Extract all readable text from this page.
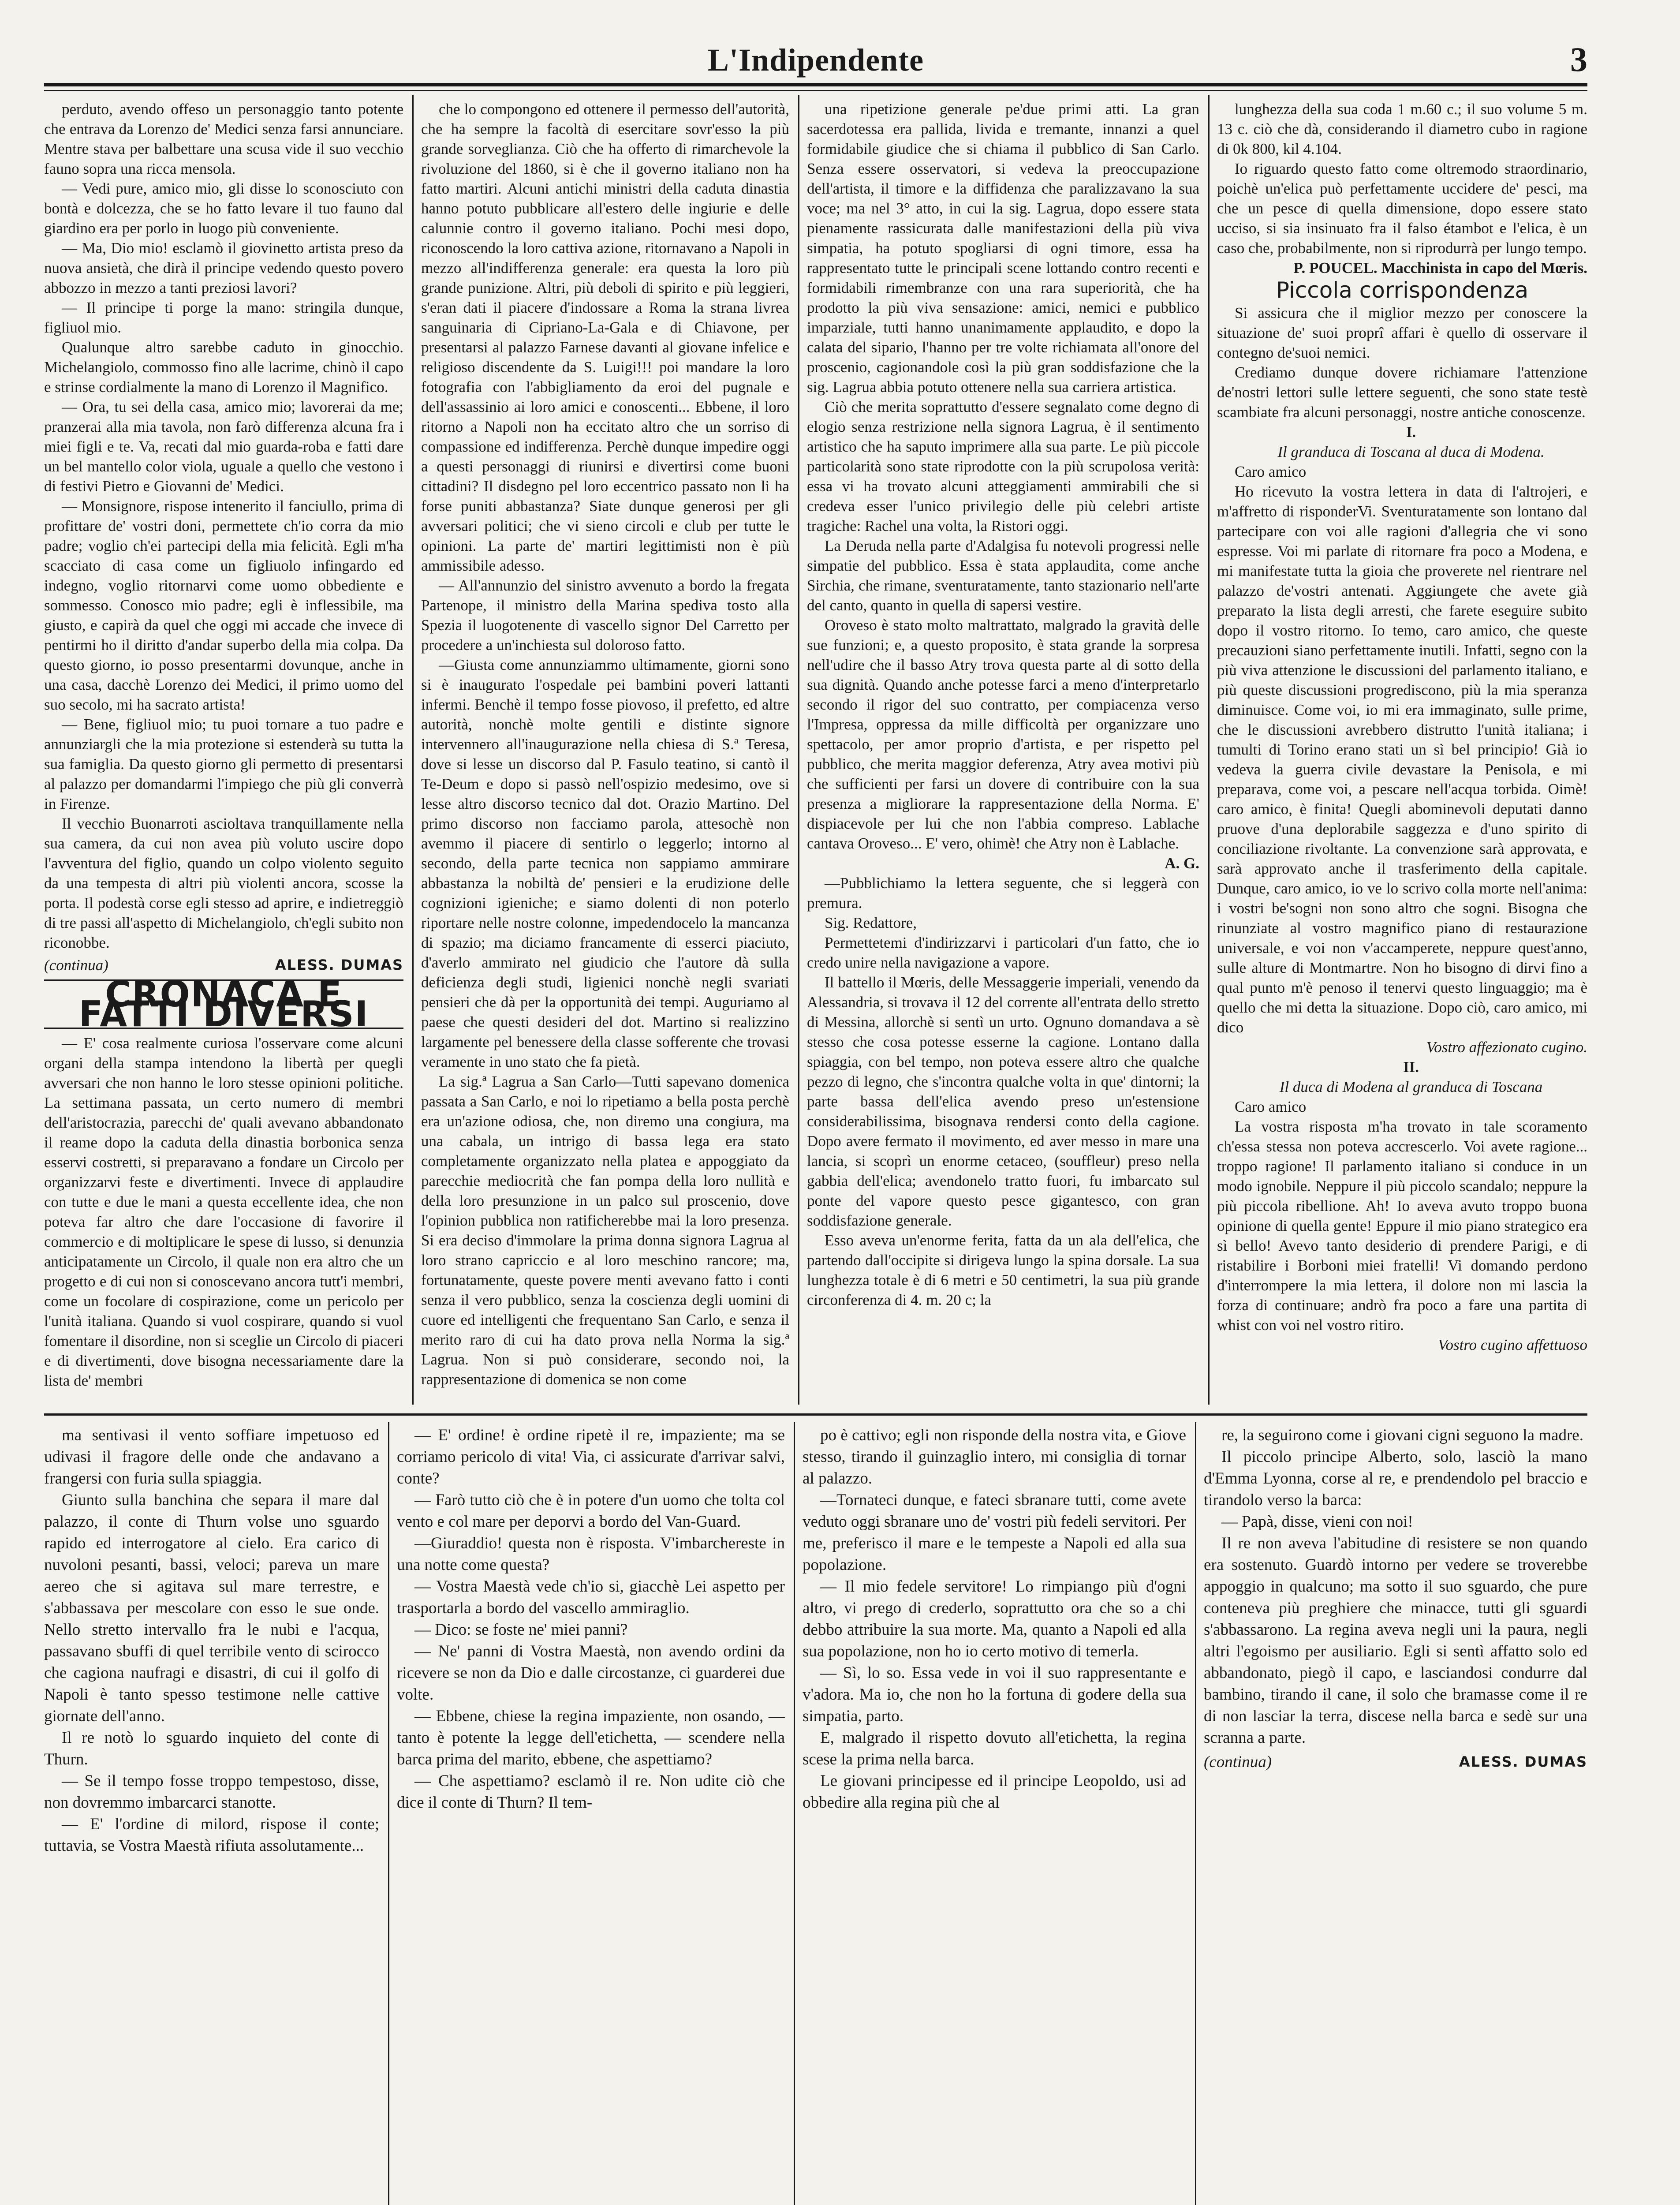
L'Indipendente	3

perduto, avendo offeso un personaggio tanto potente che entrava da Lorenzo de' Medici senza farsi annunciare. Mentre stava per balbettare una scusa vide il suo vecchio fauno sopra una ricca mensola.

— Vedi pure, amico mio, gli disse lo sconosciuto con bontà e dolcezza, che se ho fatto levare il tuo fauno dal giardino era per porlo in luogo più conveniente.

— Ma, Dio mio! esclamò il giovinetto artista preso da nuova ansietà, che dirà il principe vedendo questo povero abbozzo in mezzo a tanti preziosi lavori?

— Il principe ti porge la mano: stringila dunque, figliuol mio.

Qualunque altro sarebbe caduto in ginocchio. Michelangiolo, commosso fino alle lacrime, chinò il capo e strinse cordialmente la mano di Lorenzo il Magnifico.

— Ora, tu sei della casa, amico mio; lavorerai da me; pranzerai alla mia tavola, non farò differenza alcuna fra i miei figli e te. Va, recati dal mio guarda-roba e fatti dare un bel mantello color viola, uguale a quello che vestono i di festivi Pietro e Giovanni de' Medici.

— Monsignore, rispose intenerito il fanciullo, prima di profittare de' vostri doni, permettete ch'io corra da mio padre; voglio ch'ei partecipi della mia felicità. Egli m'ha scacciato di casa come un figliuolo infingardo ed indegno, voglio ritornarvi come uomo obbediente e sommesso. Conosco mio padre; egli è inflessibile, ma giusto, e capirà da quel che oggi mi accade che invece di pentirmi ho il diritto d'andar superbo della mia colpa. Da questo giorno, io posso presentarmi dovunque, anche in una casa, dacchè Lorenzo dei Medici, il primo uomo del suo secolo, mi ha sacrato artista!

— Bene, figliuol mio; tu puoi tornare a tuo padre e annunziargli che la mia protezione si estenderà su tutta la sua famiglia. Da questo giorno gli permetto di presentarsi al palazzo per domandarmi l'impiego che più gli converrà in Firenze.

Il vecchio Buonarroti ascioltava tranquillamente nella sua camera, da cui non avea più voluto uscire dopo l'avventura del figlio, quando un colpo violento seguito da una tempesta di altri più violenti ancora, scosse la porta. Il podestà corse egli stesso ad aprire, e indietreggiò di tre passi all'aspetto di Michelangiolo, ch'egli subito non riconobbe.

(continua)	ALESS. DUMAS
CRONACA E FATTI DIVERSI

— E' cosa realmente curiosa l'osservare come alcuni organi della stampa intendono la libertà per quegli avversari che non hanno le loro stesse opinioni politiche. La settimana passata, un certo numero di membri dell'aristocrazia, parecchi de' quali avevano abbandonato il reame dopo la caduta della dinastia borbonica senza esservi costretti, si preparavano a fondare un Circolo per organizzarvi feste e divertimenti. Invece di applaudire con tutte e due le mani a questa eccellente idea, che non poteva far altro che dare l'occasione di favorire il commercio e di moltiplicare le spese di lusso, si denunzia anticipatamente un Circolo, il quale non era altro che un progetto e di cui non si conoscevano ancora tutt'i membri, come un focolare di cospirazione, come un pericolo per l'unità italiana. Quando si vuol cospirare, quando si vuol fomentare il disordine, non si sceglie un Circolo di piaceri e di divertimenti, dove bisogna necessariamente dare la lista de' membri

che lo compongono ed ottenere il permesso dell'autorità, che ha sempre la facoltà di esercitare sovr'esso la più grande sorveglianza. Ciò che ha offerto di rimarchevole la rivoluzione del 1860, si è che il governo italiano non ha fatto martiri. Alcuni antichi ministri della caduta dinastia hanno potuto pubblicare all'estero delle ingiurie e delle calunnie contro il governo italiano. Pochi mesi dopo, riconoscendo la loro cattiva azione, ritornavano a Napoli in mezzo all'indifferenza generale: era questa la loro più grande punizione. Altri, più deboli di spirito e più leggieri, s'eran dati il piacere d'indossare a Roma la strana livrea sanguinaria di Cipriano-La-Gala e di Chiavone, per presentarsi al palazzo Farnese davanti al giovane infelice e religioso discendente da S. Luigi!!! poi mandare la loro fotografia con l'abbigliamento da eroi del pugnale e dell'assassinio ai loro amici e conoscenti... Ebbene, il loro ritorno a Napoli non ha eccitato altro che un sorriso di compassione ed indifferenza. Perchè dunque impedire oggi a questi personaggi di riunirsi e divertirsi come buoni cittadini? Il disdegno pel loro eccentrico passato non li ha forse puniti abbastanza? Siate dunque generosi per gli avversari politici; che vi sieno circoli e club per tutte le opinioni. La parte de' martiri legittimisti non è più ammissibile adesso.

— All'annunzio del sinistro avvenuto a bordo la fregata Partenope, il ministro della Marina spediva tosto alla Spezia il luogotenente di vascello signor Del Carretto per procedere a un'inchiesta sul doloroso fatto.

—Giusta come annunziammo ultimamente, giorni sono si è inaugurato l'ospedale pei bambini poveri lattanti infermi. Benchè il tempo fosse piovoso, il prefetto, ed altre autorità, nonchè molte gentili e distinte signore intervennero all'inaugurazione nella chiesa di S.ª Teresa, dove si lesse un discorso dal P. Fasulo teatino, si cantò il Te-Deum e dopo si passò nell'ospizio medesimo, ove si lesse altro discorso tecnico dal dot. Orazio Martino. Del primo discorso non facciamo parola, attesochè non avemmo il piacere di sentirlo o leggerlo; intorno al secondo, della parte tecnica non sappiamo ammirare abbastanza la nobiltà de' pensieri e la erudizione delle cognizioni igieniche; e siamo dolenti di non poterlo riportare nelle nostre colonne, impedendocelo la mancanza di spazio; ma diciamo francamente di esserci piaciuto, d'averlo ammirato nel giudicio che l'autore dà sulla deficienza degli studi, ligienici nonchè negli svariati pensieri che dà per la opportunità dei tempi. Auguriamo al paese che questi desideri del dot. Martino si realizzino largamente pel benessere della classe sofferente che trovasi veramente in uno stato che fa pietà.

La sig.ª Lagrua a San Carlo—Tutti sapevano domenica passata a San Carlo, e noi lo ripetiamo a bella posta perchè era un'azione odiosa, che, non diremo una congiura, ma una cabala, un intrigo di bassa lega era stato completamente organizzato nella platea e appoggiato da parecchie mediocrità che fan pompa della loro nullità e della loro presunzione in un palco sul proscenio, dove l'opinion pubblica non ratificherebbe mai la loro presenza. Si era deciso d'immolare la prima donna signora Lagrua al loro strano capriccio e al loro meschino rancore; ma, fortunatamente, queste povere menti avevano fatto i conti senza il vero pubblico, senza la coscienza degli uomini di cuore ed intelligenti che frequentano San Carlo, e senza il merito raro di cui ha dato prova nella Norma la sig.ª Lagrua. Non si può considerare, secondo noi, la rappresentazione di domenica se non come

una ripetizione generale pe'due primi atti. La gran sacerdotessa era pallida, livida e tremante, innanzi a quel formidabile giudice che si chiama il pubblico di San Carlo. Senza essere osservatori, si vedeva la preoccupazione dell'artista, il timore e la diffidenza che paralizzavano la sua voce; ma nel 3° atto, in cui la sig. Lagrua, dopo essere stata pienamente rassicurata dalle manifestazioni della più viva simpatia, ha potuto spogliarsi di ogni timore, essa ha rappresentato tutte le principali scene lottando contro recenti e formidabili rimembranze con una rara superiorità, che ha prodotto la più viva sensazione: amici, nemici e pubblico imparziale, tutti hanno unanimamente applaudito, e dopo la calata del sipario, l'hanno per tre volte richiamata all'onore del proscenio, cagionandole così la più gran soddisfazione che la sig. Lagrua abbia potuto ottenere nella sua carriera artistica.

Ciò che merita soprattutto d'essere segnalato come degno di elogio senza restrizione nella signora Lagrua, è il sentimento artistico che ha saputo imprimere alla sua parte. Le più piccole particolarità sono state riprodotte con la più scrupolosa verità: essa vi ha trovato alcuni atteggiamenti ammirabili che si credeva esser l'unico privilegio delle più celebri artiste tragiche: Rachel una volta, la Ristori oggi.

La Deruda nella parte d'Adalgisa fu notevoli progressi nelle simpatie del pubblico. Essa è stata applaudita, come anche Sirchia, che rimane, sventuratamente, tanto stazionario nell'arte del canto, quanto in quella di sapersi vestire.

Oroveso è stato molto maltrattato, malgrado la gravità delle sue funzioni; e, a questo proposito, è stata grande la sorpresa nell'udire che il basso Atry trova questa parte al di sotto della sua dignità. Quando anche potesse farci a meno d'interpretarlo secondo il rigor del suo contratto, per compiacenza verso l'Impresa, oppressa da mille difficoltà per organizzare uno spettacolo, per amor proprio d'artista, e per rispetto pel pubblico, che merita maggior deferenza, Atry avea motivi più che sufficienti per farsi un dovere di contribuire con la sua presenza a migliorare la rappresentazione della Norma. E' dispiacevole per lui che non l'abbia compreso. Lablache cantava Oroveso... E' vero, ohimè! che Atry non è Lablache.

A. G.

—Pubblichiamo la lettera seguente, che si leggerà con premura.

Sig. Redattore,

Permettetemi d'indirizzarvi i particolari d'un fatto, che io credo unire nella navigazione a vapore.

Il battello il Mœris, delle Messaggerie imperiali, venendo da Alessandria, si trovava il 12 del corrente all'entrata dello stretto di Messina, allorchè si sentì un urto. Ognuno domandava a sè stesso che cosa potesse esserne la cagione. Lontano dalla spiaggia, con bel tempo, non poteva essere altro che qualche pezzo di legno, che s'incontra qualche volta in que' dintorni; la parte bassa dell'elica avendo preso un'estensione considerabilissima, bisognava rendersi conto della cagione. Dopo avere fermato il movimento, ed aver messo in mare una lancia, si scoprì un enorme cetaceo, (souffleur) preso nella gabbia dell'elica; avendonelo tratto fuori, fu imbarcato sul ponte del vapore questo pesce gigantesco, con gran soddisfazione generale.

Esso aveva un'enorme ferita, fatta da un ala dell'elica, che partendo dall'occipite si dirigeva lungo la spina dorsale. La sua lunghezza totale è di 6 metri e 50 centimetri, la sua più grande circonferenza di 4. m. 20 c; la

lunghezza della sua coda 1 m.60 c.; il suo volume 5 m. 13 c. ciò che dà, considerando il diametro cubo in ragione di 0k 800, kil 4.104.

Io riguardo questo fatto come oltremodo straordinario, poichè un'elica può perfettamente uccidere de' pesci, ma che un pesce di quella dimensione, dopo essere stato ucciso, si sia insinuato fra il falso étambot e l'elica, è un caso che, probabilmente, non si riprodurrà per lungo tempo.

P. POUCEL. Macchinista in capo del Mœris.

Piccola corrispondenza

Si assicura che il miglior mezzo per conoscere la situazione de' suoi proprî affari è quello di osservare il contegno de'suoi nemici.

Crediamo dunque dovere richiamare l'attenzione de'nostri lettori sulle lettere seguenti, che sono state testè scambiate fra alcuni personaggi, nostre antiche conoscenze.

I.

Il granduca di Toscana al duca di Modena.

Caro amico

Ho ricevuto la vostra lettera in data di l'altrojeri, e m'affretto di risponderVi. Sventuratamente son lontano dal partecipare con voi alle ragioni d'allegria che vi sono espresse. Voi mi parlate di ritornare fra poco a Modena, e mi manifestate tutta la gioia che proverete nel rientrare nel palazzo de'vostri antenati. Aggiungete che avete già preparato la lista degli arresti, che farete eseguire subito dopo il vostro ritorno. Io temo, caro amico, che queste precauzioni siano perfettamente inutili. Infatti, segno con la più viva attenzione le discussioni del parlamento italiano, e più queste discussioni progrediscono, più la mia speranza diminuisce. Come voi, io mi era immaginato, sulle prime, che le discussioni avrebbero distrutto l'unità italiana; i tumulti di Torino erano stati un sì bel principio! Già io vedeva la guerra civile devastare la Penisola, e mi preparava, come voi, a pescare nell'acqua torbida. Oimè! caro amico, è finita! Quegli abominevoli deputati danno pruove d'una deplorabile saggezza e d'uno spirito di conciliazione rivoltante. La convenzione sarà approvata, e sarà approvato anche il trasferimento della capitale. Dunque, caro amico, io ve lo scrivo colla morte nell'anima: i vostri be'sogni non sono altro che sogni. Bisogna che rinunziate al vostro magnifico piano di restaurazione universale, e voi non v'accamperete, neppure quest'anno, sulle alture di Montmartre. Non ho bisogno di dirvi fino a qual punto m'è penoso il tenervi questo linguaggio; ma è quello che mi detta la situazione. Dopo ciò, caro amico, mi dico

Vostro affezionato cugino.

II.

Il duca di Modena al granduca di Toscana

Caro amico

La vostra risposta m'ha trovato in tale scoramento ch'essa stessa non poteva accrescerlo. Voi avete ragione... troppo ragione! Il parlamento italiano si conduce in un modo ignobile. Neppure il più piccolo scandalo; neppure la più piccola ribellione. Ah! Io aveva avuto troppo buona opinione di quella gente! Eppure il mio piano strategico era sì bello! Avevo tanto desiderio di prendere Parigi, e di ristabilire i Borboni miei fratelli! Vi domando perdono d'interrompere la mia lettera, il dolore non mi lascia la forza di continuare; andrò fra poco a fare una partita di whist con voi nel vostro ritiro.

Vostro cugino affettuoso

ma sentivasi il vento soffiare impetuoso ed udivasi il fragore delle onde che andavano a frangersi con furia sulla spiaggia.

Giunto sulla banchina che separa il mare dal palazzo, il conte di Thurn volse uno sguardo rapido ed interrogatore al cielo. Era carico di nuvoloni pesanti, bassi, veloci; pareva un mare aereo che si agitava sul mare terrestre, e s'abbassava per mescolare con esso le sue onde. Nello stretto intervallo fra le nubi e l'acqua, passavano sbuffi di quel terribile vento di scirocco che cagiona naufragi e disastri, di cui il golfo di Napoli è tanto spesso testimone nelle cattive giornate dell'anno.

Il re notò lo sguardo inquieto del conte di Thurn.

— Se il tempo fosse troppo tempestoso, disse, non dovremmo imbarcarci stanotte.

— E' l'ordine di milord, rispose il conte; tuttavia, se Vostra Maestà rifiuta assolutamente...

— E' ordine! è ordine ripetè il re, impaziente; ma se corriamo pericolo di vita! Via, ci assicurate d'arrivar salvi, conte?

— Farò tutto ciò che è in potere d'un uomo che tolta col vento e col mare per deporvi a bordo del Van-Guard.

—Giuraddio! questa non è risposta. V'imbarchereste in una notte come questa?

— Vostra Maestà vede ch'io si, giacchè Lei aspetto per trasportarla a bordo del vascello ammiraglio.

— Dico: se foste ne' miei panni?

— Ne' panni di Vostra Maestà, non avendo ordini da ricevere se non da Dio e dalle circostanze, ci guarderei due volte.

— Ebbene, chiese la regina impaziente, non osando, — tanto è potente la legge dell'etichetta, — scendere nella barca prima del marito, ebbene, che aspettiamo?

— Che aspettiamo? esclamò il re. Non udite ciò che dice il conte di Thurn? Il tem-

po è cattivo; egli non risponde della nostra vita, e Giove stesso, tirando il guinzaglio intero, mi consiglia di tornar al palazzo.

—Tornateci dunque, e fateci sbranare tutti, come avete veduto oggi sbranare uno de' vostri più fedeli servitori. Per me, preferisco il mare e le tempeste a Napoli ed alla sua popolazione.

— Il mio fedele servitore! Lo rimpiango più d'ogni altro, vi prego di crederlo, soprattutto ora che so a chi debbo attribuire la sua morte. Ma, quanto a Napoli ed alla sua popolazione, non ho io certo motivo di temerla.

— Sì, lo so. Essa vede in voi il suo rappresentante e v'adora. Ma io, che non ho la fortuna di godere della sua simpatia, parto.

E, malgrado il rispetto dovuto all'etichetta, la regina scese la prima nella barca.

Le giovani principesse ed il principe Leopoldo, usi ad obbedire alla regina più che al

re, la seguirono come i giovani cigni seguono la madre.

Il piccolo principe Alberto, solo, lasciò la mano d'Emma Lyonna, corse al re, e prendendolo pel braccio e tirandolo verso la barca:

— Papà, disse, vieni con noi!

Il re non aveva l'abitudine di resistere se non quando era sostenuto. Guardò intorno per vedere se troverebbe appoggio in qualcuno; ma sotto il suo sguardo, che pure conteneva più preghiere che minacce, tutti gli sguardi s'abbassarono. La regina aveva negli uni la paura, negli altri l'egoismo per ausiliario. Egli si sentì affatto solo ed abbandonato, piegò il capo, e lasciandosi condurre dal bambino, tirando il cane, il solo che bramasse come il re di non lasciar la terra, discese nella barca e sedè sur una scranna a parte.

(continua)	ALESS. DUMAS
